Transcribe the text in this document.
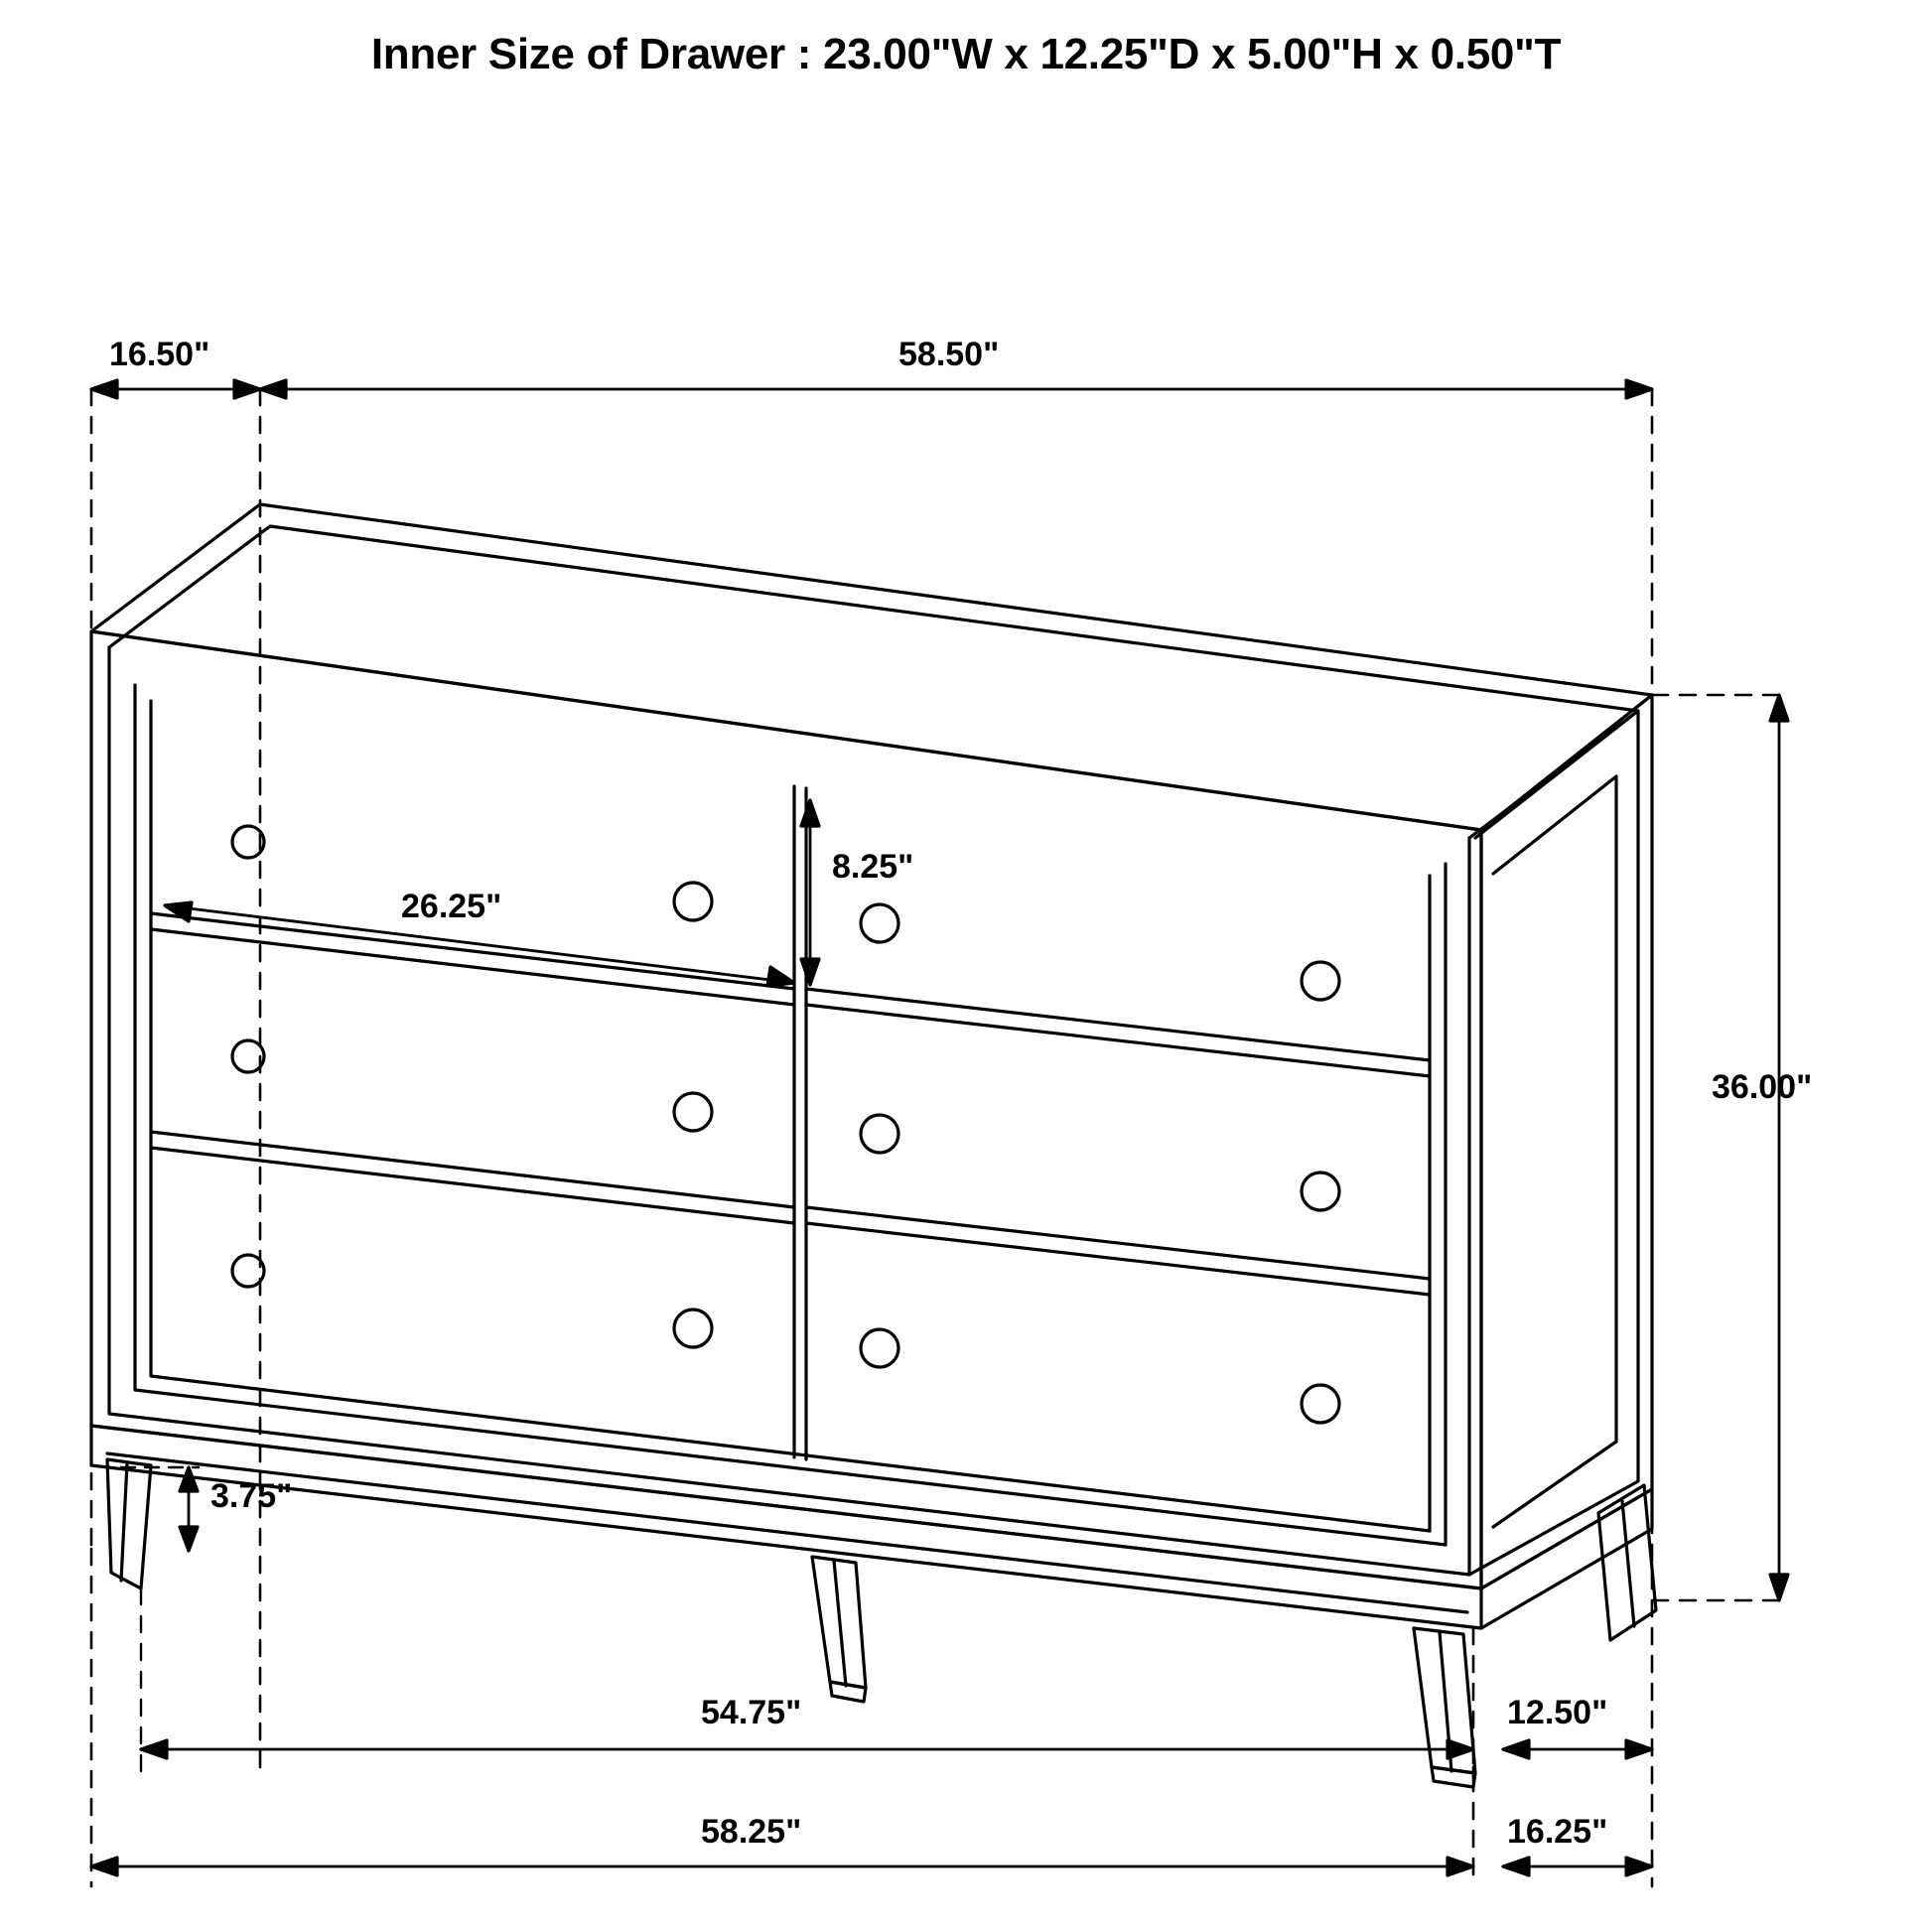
Inner Size of Drawer : 23.00"W x 12.25"D x 5.00"H x 0.50"T
16.50"	58.50"
26.25"
8.25"
36.00"
3.75"
54.75"
58.25"
12.50"
16.25"
